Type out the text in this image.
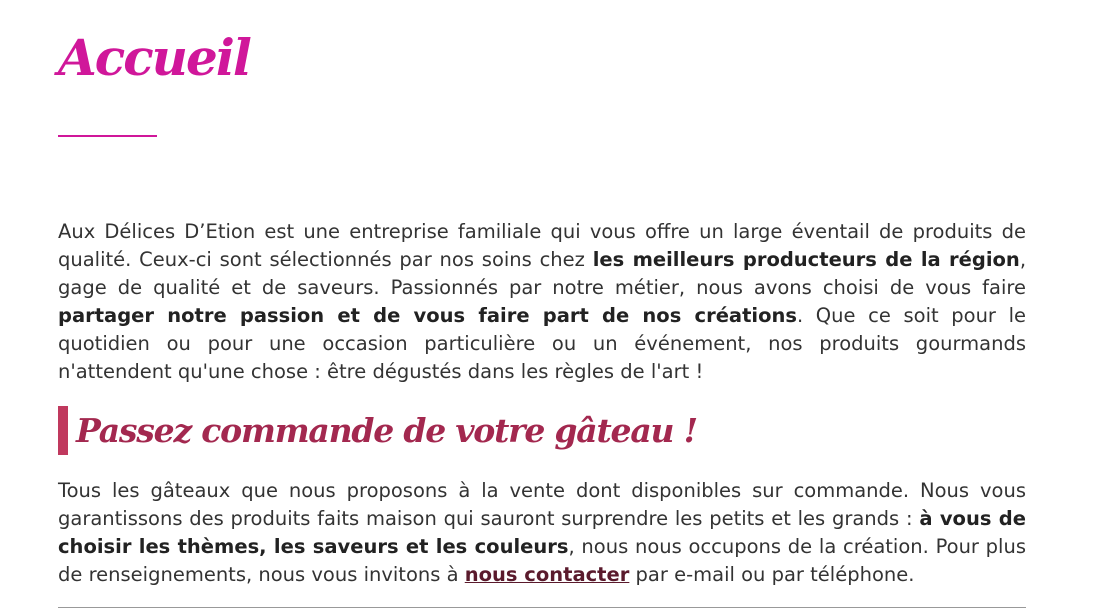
Accueil

Aux Délices D’Etion est une entreprise familiale qui vous offre un large éventail de produits de qualité. Ceux-ci sont sélectionnés par nos soins chez les meilleurs producteurs de la région, gage de qualité et de saveurs. Passionnés par notre métier, nous avons choisi de vous faire partager notre passion et de vous faire part de nos créations. Que ce soit pour le quotidien ou pour une occasion particulière ou un événement, nos produits gourmands n'attendent qu'une chose : être dégustés dans les règles de l'art !

Passez commande de votre gâteau !

Tous les gâteaux que nous proposons à la vente dont disponibles sur commande. Nous vous garantissons des produits faits maison qui sauront surprendre les petits et les grands : à vous de choisir les thèmes, les saveurs et les couleurs, nous nous occupons de la création. Pour plus de renseignements, nous vous invitons à nous contacter par e-mail ou par téléphone.
